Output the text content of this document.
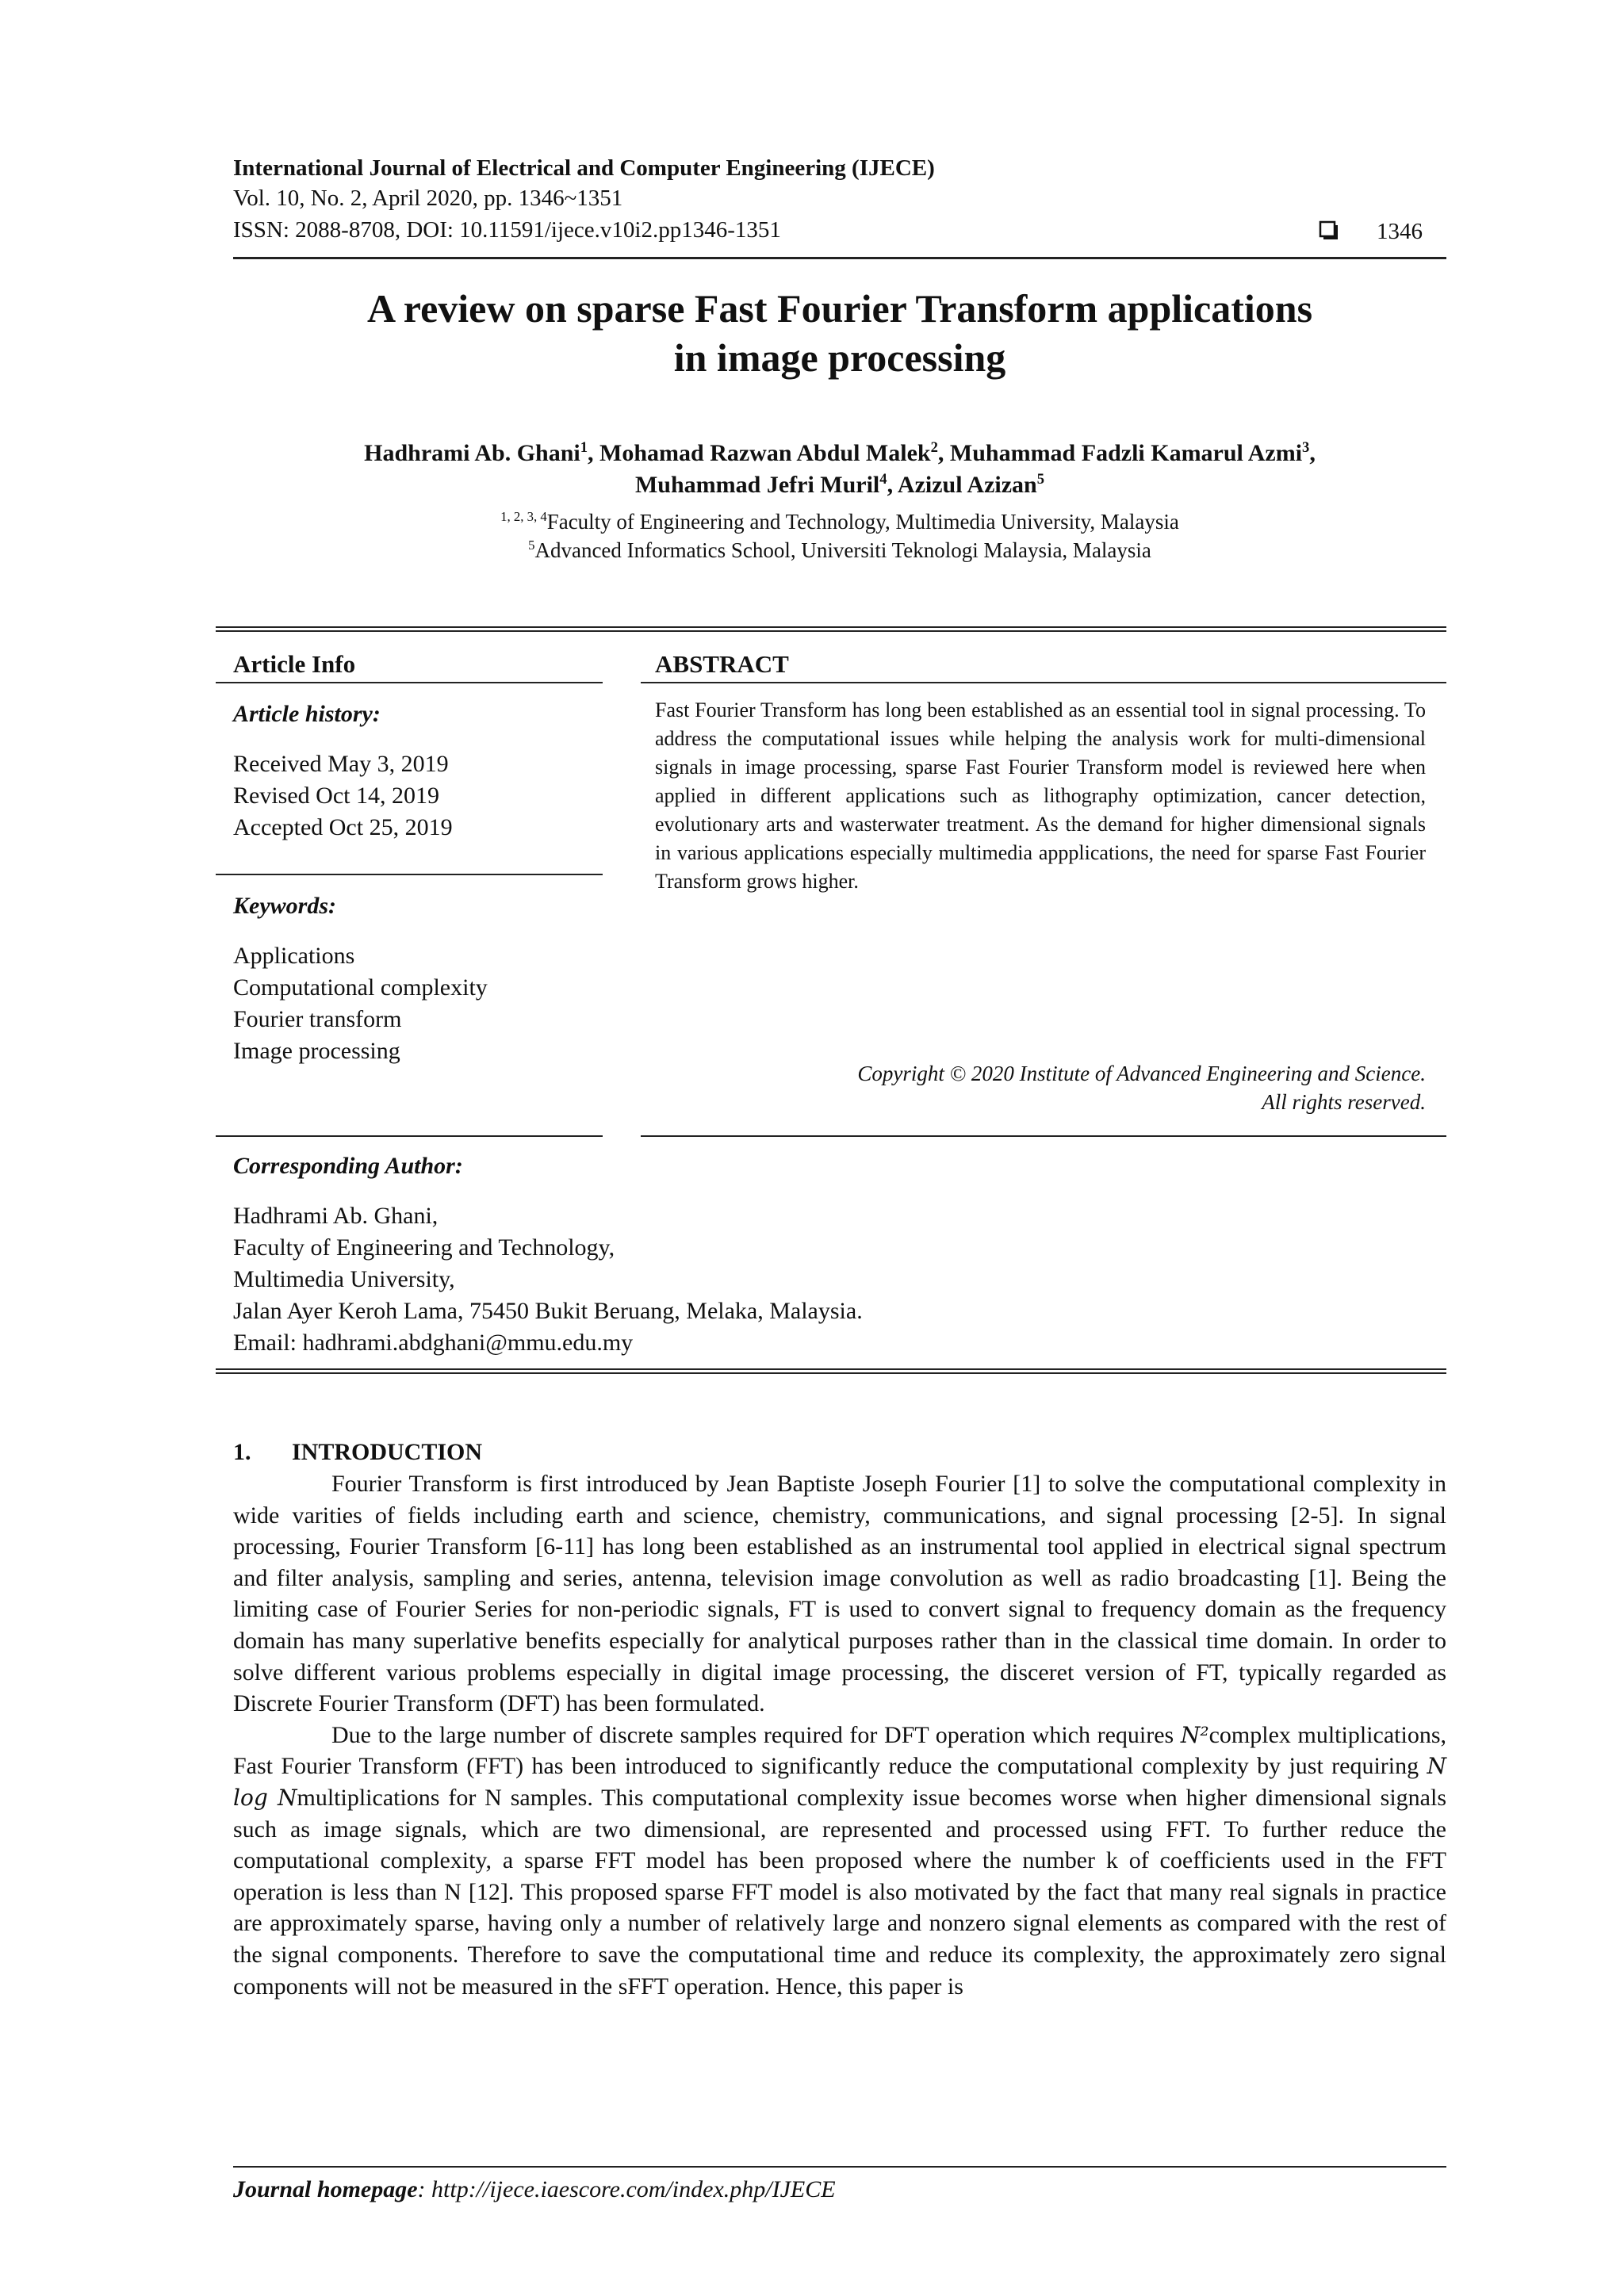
International Journal of Electrical and Computer Engineering (IJECE)
Vol. 10, No. 2, April 2020, pp. 1346~1351
ISSN: 2088-8708, DOI: 10.11591/ijece.v10i2.pp1346-1351	1346
A review on sparse Fast Fourier Transform applications
in image processing
Hadhrami Ab. Ghani$^1$, Mohamad Razwan Abdul Malek$^2$, Muhammad Fadzli Kamarul Azmi$^3$,
Muhammad Jefri Muril$^4$, Azizul Azizan$^5$
$^{1, 2, 3, 4}$Faculty of Engineering and Technology, Multimedia University, Malaysia
$^5$Advanced Informatics School, Universiti Teknologi Malaysia, Malaysia
Article Info
Article history:
Received May 3, 2019
Revised Oct 14, 2019
Accepted Oct 25, 2019
Keywords:
Applications
Computational complexity
Fourier transform
Image processing
ABSTRACT
Fast Fourier Transform has long been established as an essential tool in signal processing. To address the computational issues while helping the analysis work for multi-dimensional signals in image processing, sparse Fast Fourier Transform model is reviewed here when applied in different applications such as lithography optimization, cancer detection, evolutionary arts and wasterwater treatment. As the demand for higher dimensional signals in various applications especially multimedia appplications, the need for sparse Fast Fourier Transform grows higher.
Copyright © 2020 Institute of Advanced Engineering and Science.
All rights reserved.
Corresponding Author:
Hadhrami Ab. Ghani,
Faculty of Engineering and Technology,
Multimedia University,
Jalan Ayer Keroh Lama, 75450 Bukit Beruang, Melaka, Malaysia.
Email: hadhrami.abdghani@mmu.edu.my
1. INTRODUCTION

Fourier Transform is first introduced by Jean Baptiste Joseph Fourier [1] to solve the computational complexity in wide varities of fields including earth and science, chemistry, communications, and signal processing [2-5]. In signal processing, Fourier Transform [6-11] has long been established as an instrumental tool applied in electrical signal spectrum and filter analysis, sampling and series, antenna, television image convolution as well as radio broadcasting [1]. Being the limiting case of Fourier Series for non-periodic signals, FT is used to convert signal to frequency domain as the frequency domain has many superlative benefits especially for analytical purposes rather than in the classical time domain. In order to solve different various problems especially in digital image processing, the disceret version of FT, typically regarded as Discrete Fourier Transform (DFT) has been formulated.

Due to the large number of discrete samples required for DFT operation which requires N²complex multiplications, Fast Fourier Transform (FFT) has been introduced to significantly reduce the computational complexity by just requiring N log Nmultiplications for N samples. This computational complexity issue becomes worse when higher dimensional signals such as image signals, which are two dimensional, are represented and processed using FFT. To further reduce the computational complexity, a sparse FFT model has been proposed where the number k of coefficients used in the FFT operation is less than N [12]. This proposed sparse FFT model is also motivated by the fact that many real signals in practice are approximately sparse, having only a number of relatively large and nonzero signal elements as compared with the rest of the signal components. Therefore to save the computational time and reduce its complexity, the approximately zero signal components will not be measured in the sFFT operation. Hence, this paper is

Journal homepage: http://ijece.iaescore.com/index.php/IJECE
